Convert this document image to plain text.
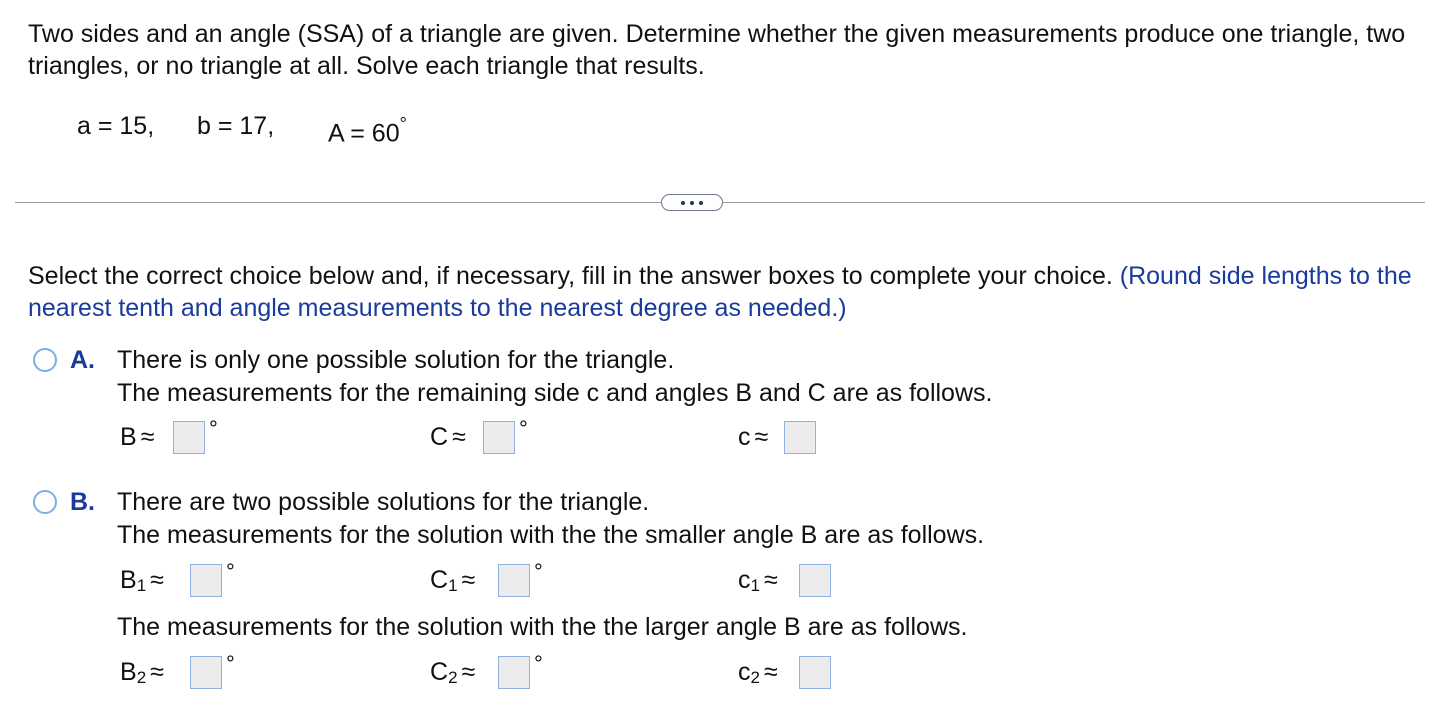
Two sides and an angle (SSA) of a triangle are given. Determine whether the given measurements produce one triangle, two triangles, or no triangle at all. Solve each triangle that results.
a = 15, b = 17, A = 60°
Select the correct choice below and, if necessary, fill in the answer boxes to complete your choice. (Round side lengths to the nearest tenth and angle measurements to the nearest degree as needed.)
A. There is only one possible solution for the triangle.
The measurements for the remaining side c and angles B and C are as follows.
B ≈ °	C ≈ °	c ≈
B. There are two possible solutions for the triangle.
The measurements for the solution with the the smaller angle B are as follows.
$B_1$ ≈	°	$C_1$ ≈	°	$c_1$ ≈
The measurements for the solution with the the larger angle B are as follows.
$B_2$ ≈	°	$C_2$ ≈	°	$c_2$ ≈
